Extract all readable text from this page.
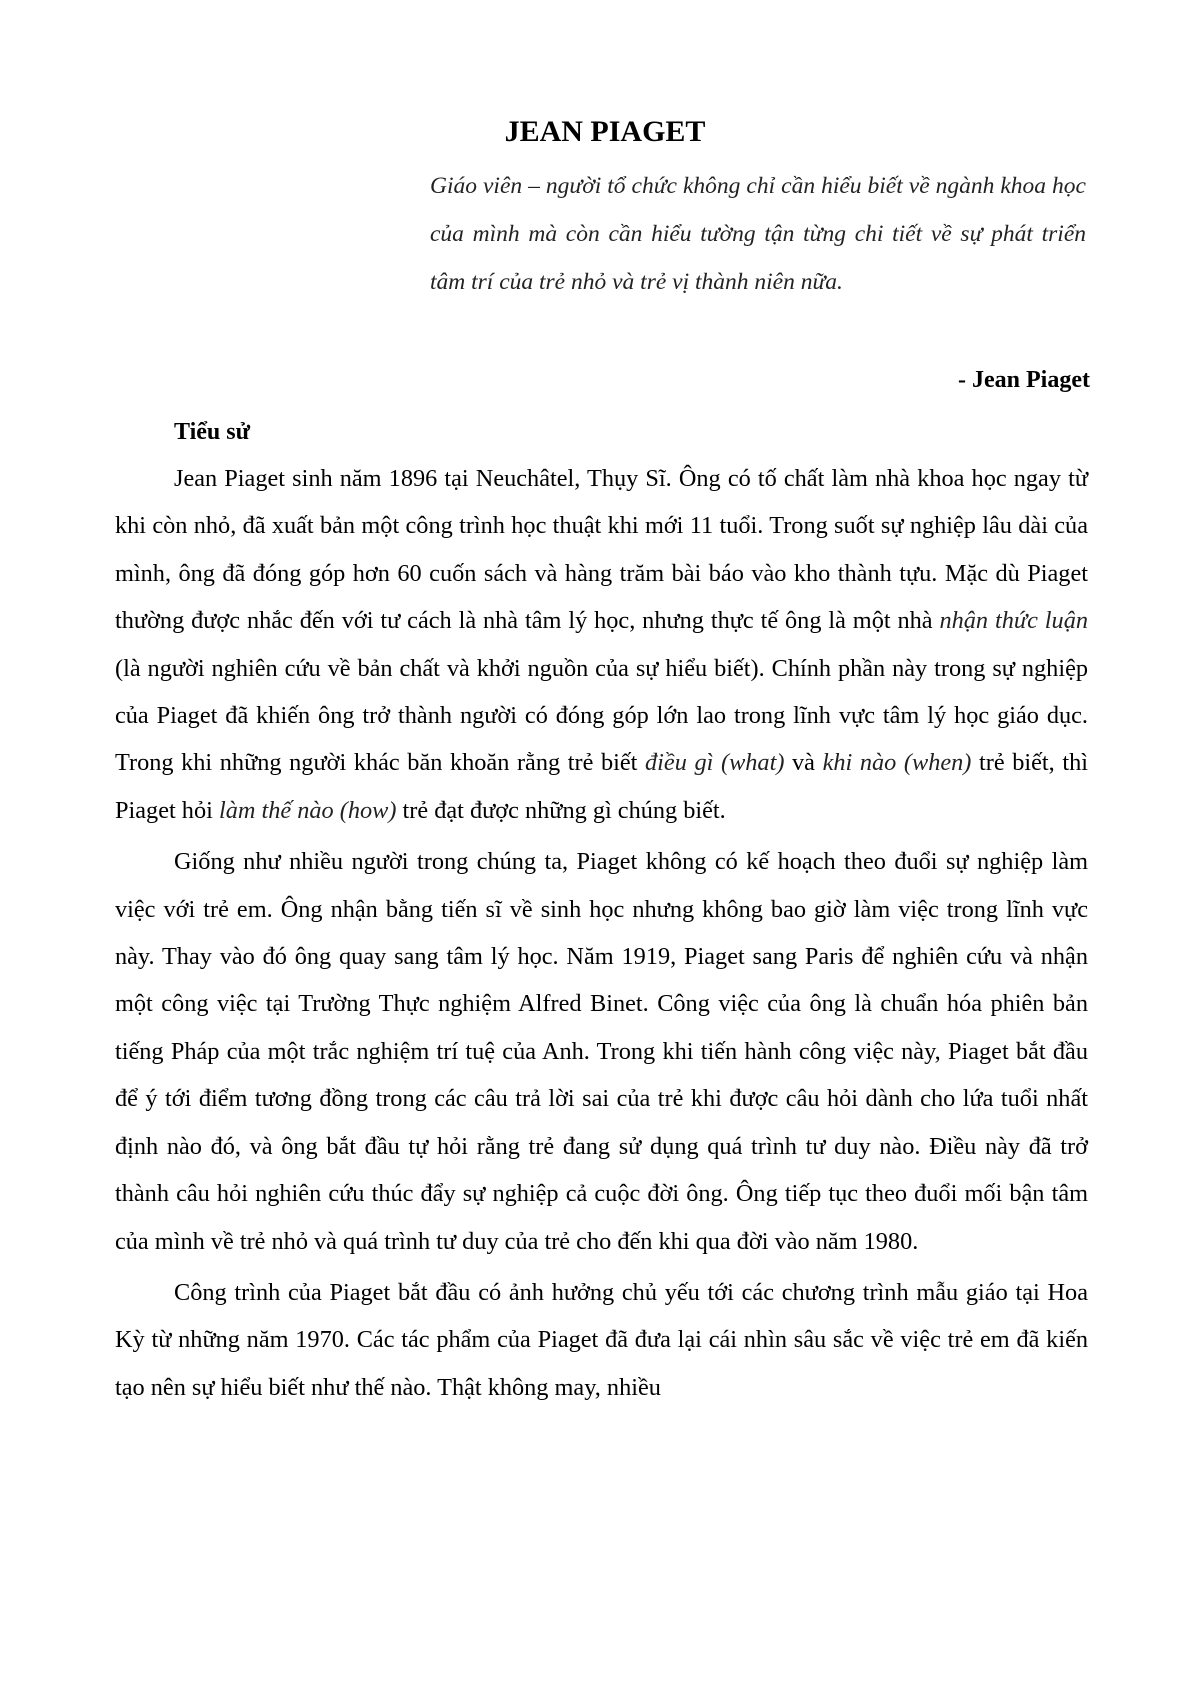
JEAN PIAGET
Giáo viên – người tổ chức không chỉ cần hiểu biết về ngành khoa học của mình mà còn cần hiểu tường tận từng chi tiết về sự phát triển tâm trí của trẻ nhỏ và trẻ vị thành niên nữa.
- Jean Piaget
Tiểu sử

Jean Piaget sinh năm 1896 tại Neuchâtel, Thụy Sĩ. Ông có tố chất làm nhà khoa học ngay từ khi còn nhỏ, đã xuất bản một công trình học thuật khi mới 11 tuổi. Trong suốt sự nghiệp lâu dài của mình, ông đã đóng góp hơn 60 cuốn sách và hàng trăm bài báo vào kho thành tựu. Mặc dù Piaget thường được nhắc đến với tư cách là nhà tâm lý học, nhưng thực tế ông là một nhà nhận thức luận (là người nghiên cứu về bản chất và khởi nguồn của sự hiểu biết). Chính phần này trong sự nghiệp của Piaget đã khiến ông trở thành người có đóng góp lớn lao trong lĩnh vực tâm lý học giáo dục. Trong khi những người khác băn khoăn rằng trẻ biết điều gì (what) và khi nào (when) trẻ biết, thì Piaget hỏi làm thế nào (how) trẻ đạt được những gì chúng biết.

Giống như nhiều người trong chúng ta, Piaget không có kế hoạch theo đuổi sự nghiệp làm việc với trẻ em. Ông nhận bằng tiến sĩ về sinh học nhưng không bao giờ làm việc trong lĩnh vực này. Thay vào đó ông quay sang tâm lý học. Năm 1919, Piaget sang Paris để nghiên cứu và nhận một công việc tại Trường Thực nghiệm Alfred Binet. Công việc của ông là chuẩn hóa phiên bản tiếng Pháp của một trắc nghiệm trí tuệ của Anh. Trong khi tiến hành công việc này, Piaget bắt đầu để ý tới điểm tương đồng trong các câu trả lời sai của trẻ khi được câu hỏi dành cho lứa tuổi nhất định nào đó, và ông bắt đầu tự hỏi rằng trẻ đang sử dụng quá trình tư duy nào. Điều này đã trở thành câu hỏi nghiên cứu thúc đẩy sự nghiệp cả cuộc đời ông. Ông tiếp tục theo đuổi mối bận tâm của mình về trẻ nhỏ và quá trình tư duy của trẻ cho đến khi qua đời vào năm 1980.

Công trình của Piaget bắt đầu có ảnh hưởng chủ yếu tới các chương trình mẫu giáo tại Hoa Kỳ từ những năm 1970. Các tác phẩm của Piaget đã đưa lại cái nhìn sâu sắc về việc trẻ em đã kiến tạo nên sự hiểu biết như thế nào. Thật không may, nhiều
